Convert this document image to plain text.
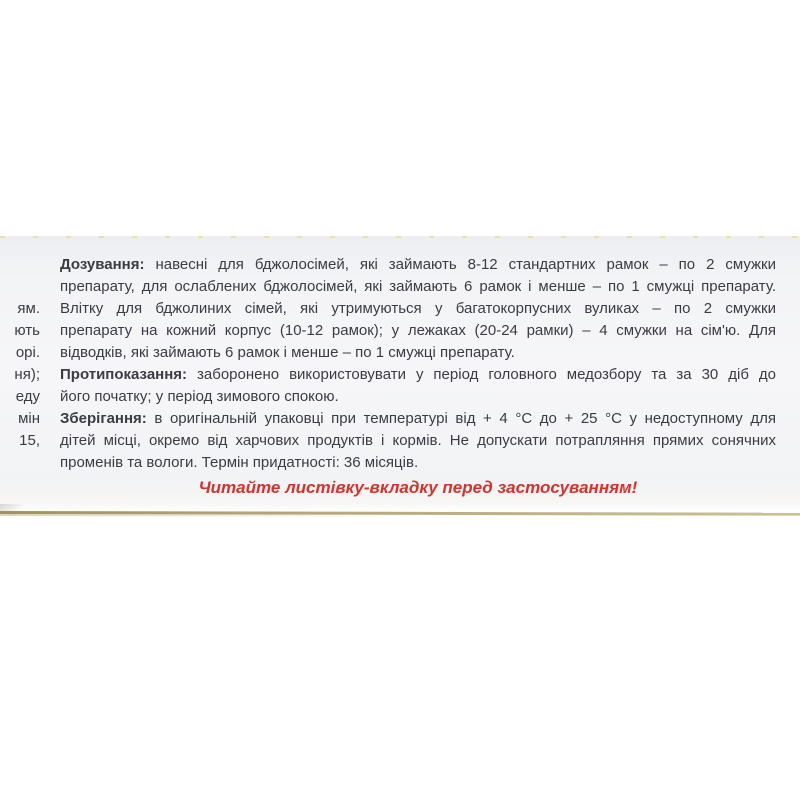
ям.
ють
орі.
ня);
еду
мін
15,
Дозування: навесні для бджолосімей, які займають 8-12 стандартних рамок – по 2 смужки
препарату, для ослаблених бджолосімей, які займають 6 рамок і менше – по 1 смужці препарату.
Влітку для бджолиних сімей, які утримуються у багатокорпусних вуликах – по 2 смужки
препарату на кожний корпус (10-12 рамок); у лежаках (20-24 рамки) – 4 смужки на сім'ю. Для
відводків, які займають 6 рамок і менше – по 1 смужці препарату.
Протипоказання: заборонено використовувати у період головного медозбору та за 30 діб до
його початку; у період зимового спокою.
Зберігання: в оригінальній упаковці при температурі від + 4 °С до + 25 °С у недоступному для
дітей місці, окремо від харчових продуктів і кормів. Не допускати потрапляння прямих сонячних
променів та вологи. Термін придатності: 36 місяців.
Читайте листівку-вкладку перед застосуванням!
